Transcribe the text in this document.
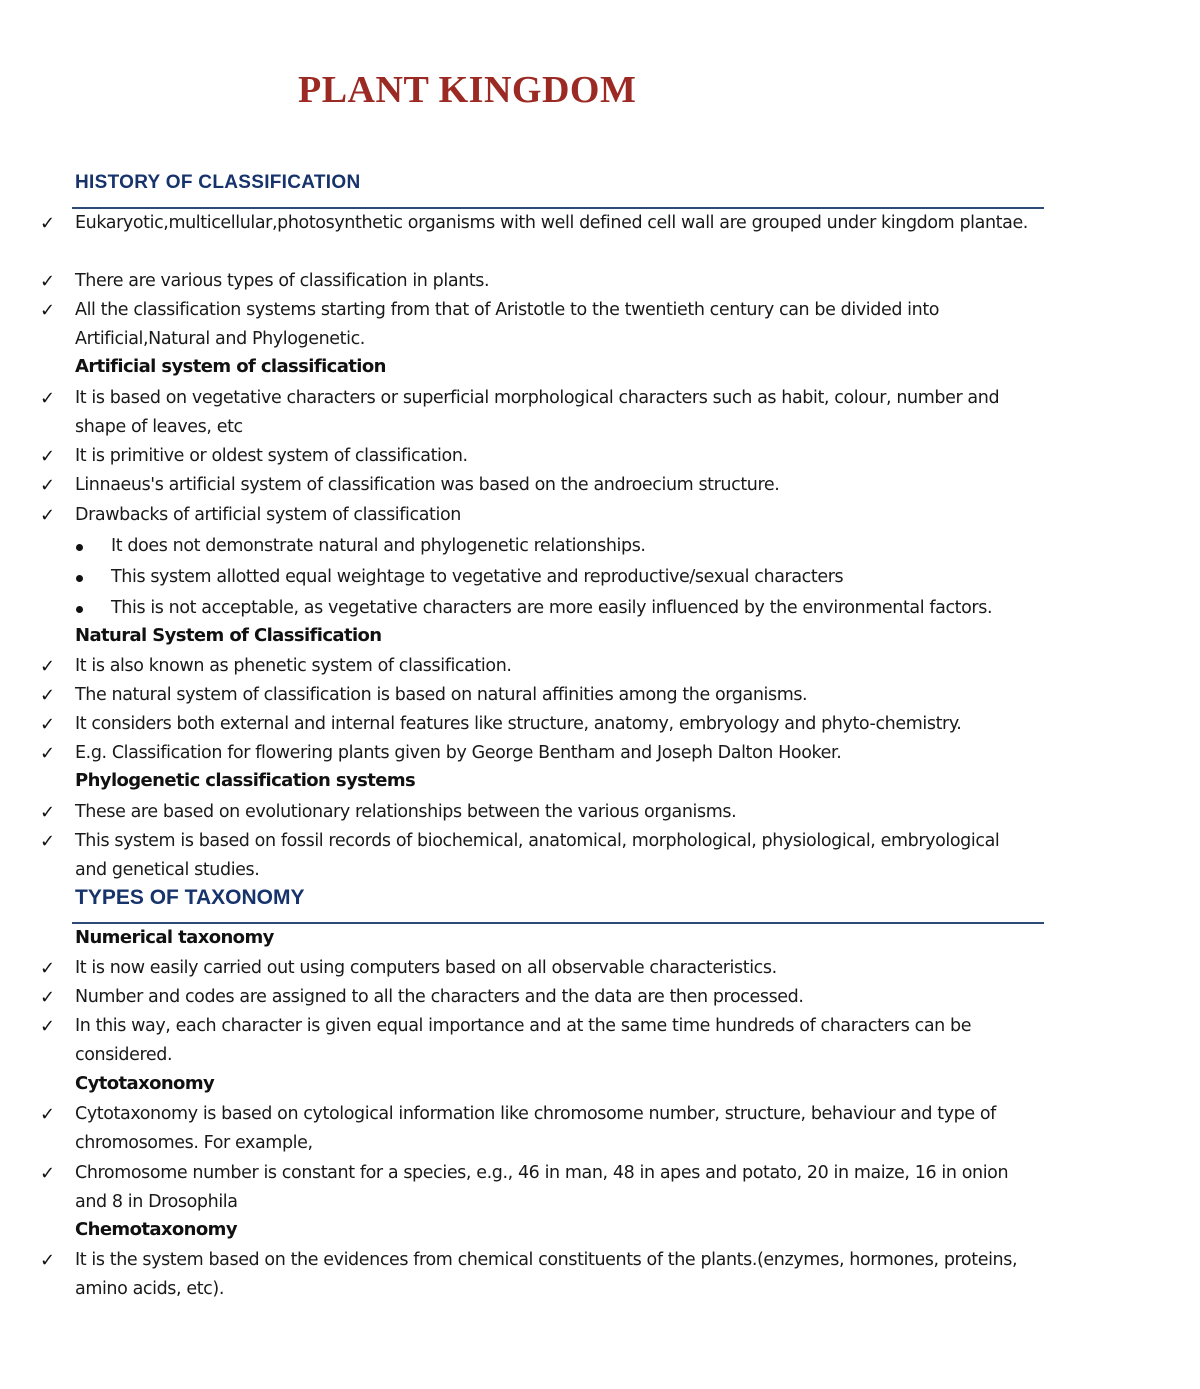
PLANT KINGDOM
HISTORY OF CLASSIFICATION
✓ Eukaryotic,multicellular,photosynthetic organisms with well defined cell wall are grouped under kingdom plantae.
✓ There are various types of classification in plants.
✓ All the classification systems starting from that of Aristotle to the twentieth century can be divided into Artificial,Natural and Phylogenetic.
Artificial system of classification
✓ It is based on vegetative characters or superficial morphological characters such as habit, colour, number and shape of leaves, etc
✓ It is primitive or oldest system of classification.
✓ Linnaeus's artificial system of classification was based on the androecium structure.
✓ Drawbacks of artificial system of classification
It does not demonstrate natural and phylogenetic relationships.
This system allotted equal weightage to vegetative and reproductive/sexual characters
This is not acceptable, as vegetative characters are more easily influenced by the environmental factors.
Natural System of Classification
✓ It is also known as phenetic system of classification.
✓ The natural system of classification is based on natural affinities among the organisms.
✓ It considers both external and internal features like structure, anatomy, embryology and phyto-chemistry.
✓ E.g. Classification for flowering plants given by George Bentham and Joseph Dalton Hooker.
Phylogenetic classification systems
✓ These are based on evolutionary relationships between the various organisms.
✓ This system is based on fossil records of biochemical, anatomical, morphological, physiological, embryological and genetical studies.
TYPES OF TAXONOMY
Numerical taxonomy
✓ It is now easily carried out using computers based on all observable characteristics.
✓ Number and codes are assigned to all the characters and the data are then processed.
✓ In this way, each character is given equal importance and at the same time hundreds of characters can be considered.
Cytotaxonomy
✓ Cytotaxonomy is based on cytological information like chromosome number, structure, behaviour and type of chromosomes. For example,
✓ Chromosome number is constant for a species, e.g., 46 in man, 48 in apes and potato, 20 in maize, 16 in onion and 8 in Drosophila
Chemotaxonomy
✓ It is the system based on the evidences from chemical constituents of the plants.(enzymes, hormones, proteins, amino acids, etc).
